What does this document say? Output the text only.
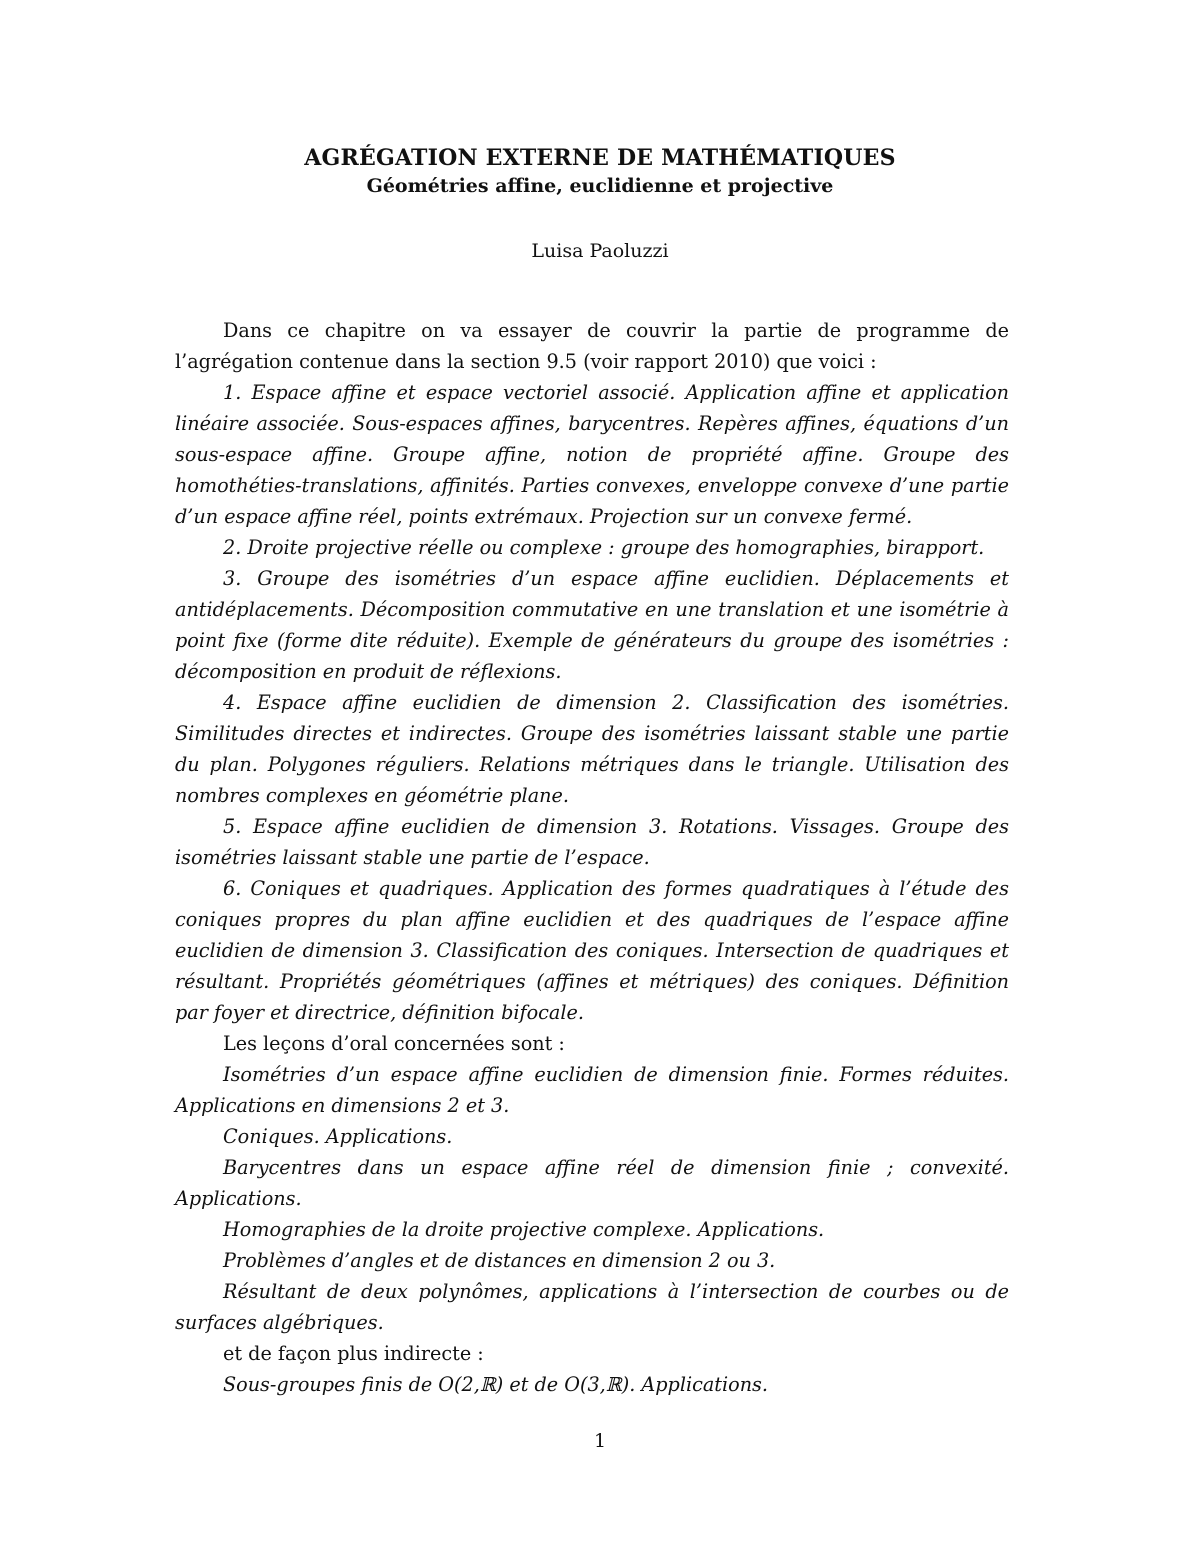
AGRÉGATION EXTERNE DE MATHÉMATIQUES
Géométries affine, euclidienne et projective
Luisa Paoluzzi

Dans ce chapitre on va essayer de couvrir la partie de programme de l’agrégation contenue dans la section 9.5 (voir rapport 2010) que voici :

1. Espace affine et espace vectoriel associé. Application affine et application linéaire associée. Sous-espaces affines, barycentres. Repères affines, équations d’un sous-espace affine. Groupe affine, notion de propriété affine. Groupe des homothéties-translations, affinités. Parties convexes, enveloppe convexe d’une partie d’un espace affine réel, points extrémaux. Projection sur un convexe fermé.

2. Droite projective réelle ou complexe : groupe des homographies, birapport.

3. Groupe des isométries d’un espace affine euclidien. Déplacements et antidéplacements. Décomposition commutative en une translation et une isométrie à point fixe (forme dite réduite). Exemple de générateurs du groupe des isométries : décomposition en produit de réflexions.

4. Espace affine euclidien de dimension 2. Classification des isométries. Similitudes directes et indirectes. Groupe des isométries laissant stable une partie du plan. Polygones réguliers. Relations métriques dans le triangle. Utilisation des nombres complexes en géométrie plane.

5. Espace affine euclidien de dimension 3. Rotations. Vissages. Groupe des isométries laissant stable une partie de l’espace.

6. Coniques et quadriques. Application des formes quadratiques à l’étude des coniques propres du plan affine euclidien et des quadriques de l’espace affine euclidien de dimension 3. Classification des coniques. Intersection de quadriques et résultant. Propriétés géométriques (affines et métriques) des coniques. Définition par foyer et directrice, définition bifocale.

Les leçons d’oral concernées sont :

Isométries d’un espace affine euclidien de dimension finie. Formes réduites. Applications en dimensions 2 et 3.

Coniques. Applications.

Barycentres dans un espace affine réel de dimension finie ; convexité. Applications.

Homographies de la droite projective complexe. Applications.

Problèmes d’angles et de distances en dimension 2 ou 3.

Résultant de deux polynômes, applications à l’intersection de courbes ou de surfaces algébriques.

et de façon plus indirecte :

Sous-groupes finis de O(2,ℝ) et de O(3,ℝ). Applications.

1
